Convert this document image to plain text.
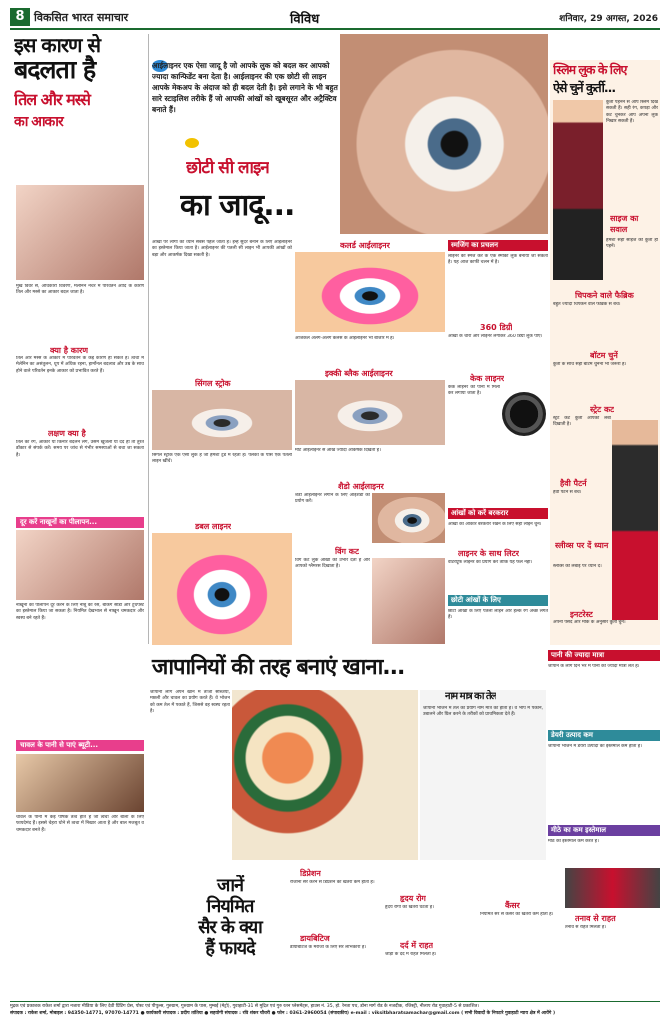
8 विकसित भारत समाचार	विविध	शनिवार, 29 अगस्त, 2026
इस कारण से
बदलता है
तिल और मस्से
का आकार
मुख विवर से, अधिकारी विवरण, मेलेनिन नेचर में परिवर्तन आदि के कारण तिल और मस्से का आकार बदल जाता है।
क्या है कारण
तिल और मस्से के आकार में परिवर्तन के कई कारण हो सकते हैं। त्वचा में मेलेनिन का असंतुलन, धूप में अधिक रहना, हार्मोनल बदलाव और उम्र के साथ होने वाले परिवर्तन इनके आकार को प्रभावित करते हैं।
लक्षण क्या है
तिल का रंग, आकार या किनारे बदलने लगें, उसमें खुजली या दर्द हो तो तुरंत डॉक्टर से संपर्क करें। समय पर जांच से गंभीर समस्याओं से बचा जा सकता है।
दूर करें नाखूनों का पीलापन...
नाखूनों का पीलापन दूर करने के लिए नींबू का रस, बेकिंग सोडा और टूथपेस्ट का इस्तेमाल किया जा सकता है। नियमित देखभाल से नाखून चमकदार और स्वस्थ बने रहते हैं।
चावल के पानी से पाएं ब्यूटी...
चावल के पानी में कई पोषक तत्व होते हैं जो त्वचा और बालों के लिए फायदेमंद हैं। इससे चेहरा धोने से त्वचा में निखार आता है और बाल मजबूत व चमकदार बनते हैं।
आईलाइनर एक ऐसा जादू है जो आपके लुक को बदल कर आपको ज्यादा कान्फिडेंट बना देता है। आईलाइनर की एक छोटी सी लाइन आपके मेकअप के अंदाज को ही बदल देती है। इसे लगाने के भी बहुत सारे स्टाइलिश तरीके हैं जो आपकी आंखों को खूबसूरत और अट्रैक्टिव बनाते हैं।
छोटी सी लाइन
का जादू...
आंखों पर लोगों का ध्यान सबसे पहले जाता है। इन्हें सुंदर बनाने के लिए आईलाइनर का इस्तेमाल किया जाता है। आईलाइनर की पतली सी लाइन भी आपकी आंखों को बड़ा और आकर्षक दिखा सकती है।
सिंगल स्ट्रोक
सिंगल स्ट्रोक एक ऐसा लुक है जो हमेशा ट्रेंड में रहता है। पलकों के पास एक पतली लाइन खींचें।
डबल लाइनर
कलर्ड आईलाइनर
आजकल अलग-अलग कलर्स के आईलाइनर भी बाजार में हैं।
इक्की ब्लैक आईलाइनर
मोटे आईलाइनर से आंखें ज्यादा आकर्षक दिखती हैं।
शैडो आईलाइनर
शैडो आईलाइनर लगाने के लिए आईशैडो का प्रयोग करें।
विंग कट
विंग कट लुक आंखों को उभार देता है और आपको ग्लैमरस दिखाता है।
स्मजिंग का प्रचलन
लाइनर को स्मज कर के एक स्मोकी लुक बनाया जा सकता है। यह आज काफी चलन में है।
360 डिग्री
आंखों के चारों ओर लाइनर लगाकर 360 डिग्री लुक पाएं।
केक लाइनर
केक लाइनर को पानी में मिला कर लगाया जाता है।
आंखों को करें बरकरार
आंखों का आकार बरकरार रखने के लिए सही लाइन चुनें।
लाइनर के साथ लिटर
वॉटरप्रूफ लाइनर का प्रयोग करें ताकि यह फैले नहीं।
छोटी आंखों के लिए
छोटी आंखों के लिए पतली लाइन और हल्के रंग अच्छे लगते हैं।
स्लिम लुक के लिए
ऐसे चुनें कुर्ती...
कुर्ती पहनने से आप स्लिम दिख सकती हैं। सही रंग, कपड़ा और कट चुनकर आप अपना लुक निखार सकती हैं।
साइज का सवाल
हमेशा सही साइज की कुर्ती ही पहनें।
चिपकने वाले फैब्रिक
बहुत ज्यादा चिपकने वाले फैब्रिक से बचें।
बॉटम चुनें
कुर्ती के साथ सही बॉटम चुनना भी जरूरी है।
स्ट्रेट कट
स्ट्रेट कट कुर्ती आपको लंबा दिखाती है।
हैवी पैटर्न
हैवी पैटर्न से बचें।
स्लीव्स पर दें ध्यान
स्लीव्स की लंबाई पर ध्यान दें।
इनटरेस्ट
अपनी पसंद और मौके के अनुसार कुर्ती चुनें।
जापानियों की तरह बनाएं खाना...
जापानी लोग अपने खाने में ताजी सब्जियों, मछली और चावल का प्रयोग करते हैं। वे भोजन को कम तेल में पकाते हैं, जिससे वह स्वस्थ रहता है।
नाम मात्र का तेल
जापानी भोजन में तेल का प्रयोग नाम मात्र का होता है। वे भाप में पकाने, उबालने और ग्रिल करने के तरीकों को प्राथमिकता देते हैं।
जानें
नियमित
सैर के क्या
हैं फायदे
डिप्रेशन
रोजाना सैर करने से डिप्रेशन का खतरा कम होता है।
डायबिटिज
डायबिटिज के मरीजों के लिए सैर लाभकारी है।
हृदय रोग
हृदय रोगों का खतरा घटता है।
दर्द में राहत
जोड़ों के दर्द में राहत मिलती है।
कैंसर
नियमित सैर से कैंसर का खतरा कम होता है।	तनाव से राहत
तनाव से राहत मिलती है।
पानी की ज्यादा मात्रा
जापान के लोग दिन भर में पानी की ज्यादा मात्रा लेते हैं।
डेयरी उत्पाद कम
जापानी भोजन में डेयरी उत्पादों का इस्तेमाल कम होता है।
मीठे का कम इस्तेमाल
मीठे का इस्तेमाल कम करते हैं।
मुद्रक एवं प्रकाशक राकेश शर्मा द्वारा नजारा मीडिया के लिए देवी प्रिंटिंग प्रेस, पोस्ट एवं पीपुल्स, गुरुग्राम, गुरुग्राम के पास, मुम्बई (मेट्रो), गुवाहाटी-31 से मुद्रित एवं गुरु रतन प्लेसमेंट्स, हाउस नं. 35, हो. रेनता पथ, डोना मार्ग रोड के नजदीक, रजिस्ट्री, नीलाप रोड गुवाहाटी-5 से प्रकाशित।
संपादक : राकेश शर्मा, मोबाइल : 94350-14771, 97070-14771 ● कार्यकारी संपादक : प्रदीप तांतिया ● सहयोगी संपादक : रवि शंकर चौधरी ● फोन : 0361-2960054 (संपादकीय) e-mail : viksitbharatsamachar@gmail.com ( सभी विवादों के निपटारे गुवाहाटी न्याय क्षेत्र में आयेंगे )
